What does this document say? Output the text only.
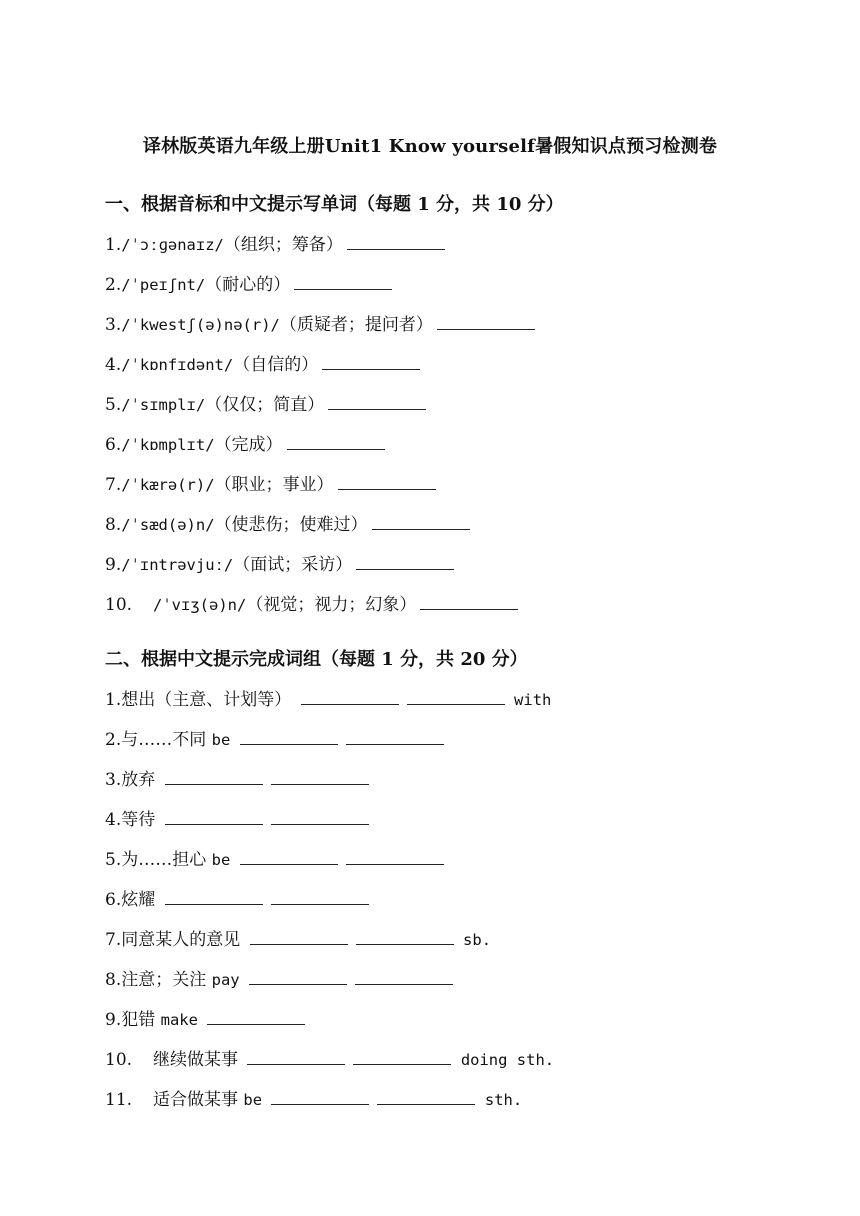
译林版英语九年级上册Unit1 Know yourself暑假知识点预习检测卷
一、根据音标和中文提示写单词（每题 1 分，共 10 分）
1./ˈɔːɡənaɪz/（组织；筹备）
2./ˈpeɪʃnt/（耐心的）
3./ˈkwestʃ(ə)nə(r)/（质疑者；提问者）
4./ˈkɒnfɪdənt/（自信的）
5./ˈsɪmplɪ/（仅仅；简直）
6./ˈkɒmplɪt/（完成）
7./ˈkærə(r)/（职业；事业）
8./ˈsæd(ə)n/（使悲伤；使难过）
9./ˈɪntrəvjuː/（面试；采访）
10. /ˈvɪʒ(ə)n/（视觉；视力；幻象）
二、根据中文提示完成词组（每题 1 分，共 20 分）
1.想出（主意、计划等）	with
2.与……不同 be
3.放弃
4.等待
5.为……担心 be
6.炫耀
7.同意某人的意见	sb.
8.注意；关注 pay
9.犯错 make
10. 继续做某事	doing sth.
11. 适合做某事 be	sth.
